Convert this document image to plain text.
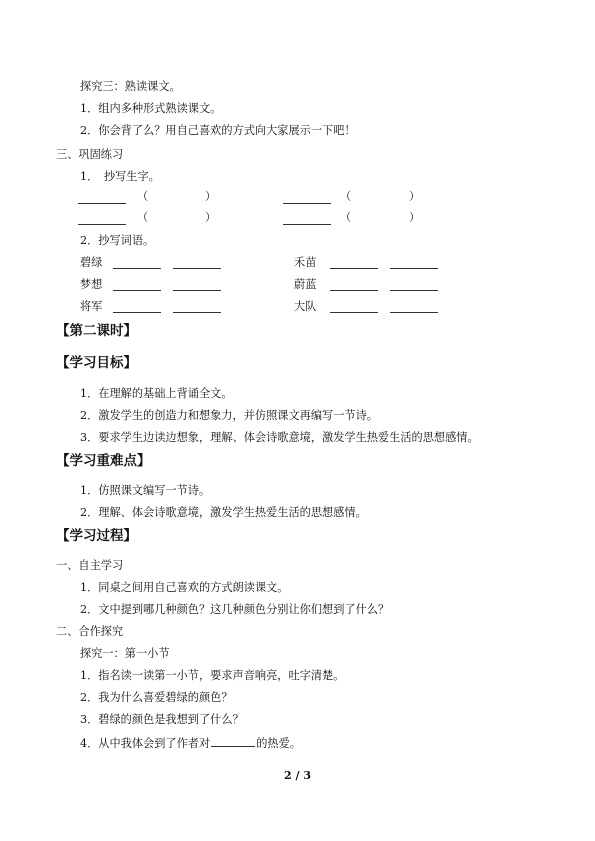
探究三：熟读课文。
1．组内多种形式熟读课文。
2．你会背了么？用自己喜欢的方式向大家展示一下吧！
三、巩固练习
1．　抄写生字。
（	）	（	）
（	）	（	）
2．抄写词语。
碧绿	禾苗
梦想	蔚蓝
将军	大队
【第二课时】
【学习目标】
1．在理解的基础上背诵全文。
2．激发学生的创造力和想象力，并仿照课文再编写一节诗。
3．要求学生边读边想象，理解、体会诗歌意境，激发学生热爱生活的思想感情。
【学习重难点】
1．仿照课文编写一节诗。
2．理解、体会诗歌意境，激发学生热爱生活的思想感情。
【学习过程】
一、自主学习
1．同桌之间用自己喜欢的方式朗读课文。
2．文中提到哪几种颜色？这几种颜色分别让你们想到了什么？
二、合作探究
探究一：第一小节
1．指名读一读第一小节，要求声音响亮，吐字清楚。
2．我为什么喜爱碧绿的颜色？
3．碧绿的颜色是我想到了什么？
4．从中我体会到了作者对	的热爱。
2 / 3
